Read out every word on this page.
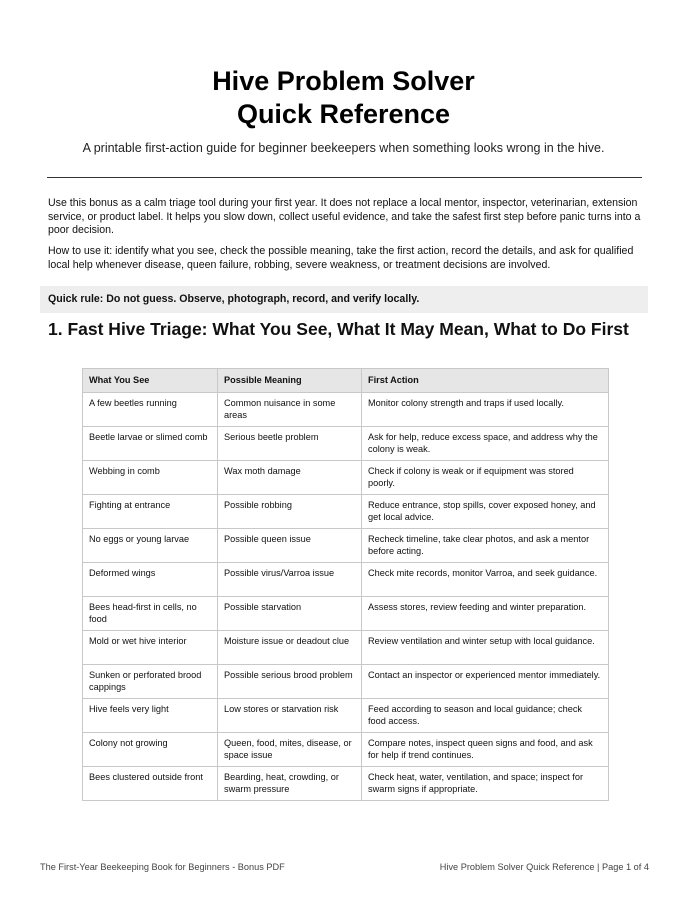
Hive Problem Solver
Quick Reference
A printable first-action guide for beginner beekeepers when something looks wrong in the hive.
Use this bonus as a calm triage tool during your first year. It does not replace a local mentor, inspector, veterinarian, extension service, or product label. It helps you slow down, collect useful evidence, and take the safest first step before panic turns into a poor decision.
How to use it: identify what you see, check the possible meaning, take the first action, record the details, and ask for qualified local help whenever disease, queen failure, robbing, severe weakness, or treatment decisions are involved.
Quick rule: Do not guess. Observe, photograph, record, and verify locally.
1. Fast Hive Triage: What You See, What It May Mean, What to Do First
What You See	Possible Meaning	First Action
A few beetles running	Common nuisance in some areas	Monitor colony strength and traps if used locally.
Beetle larvae or slimed comb	Serious beetle problem	Ask for help, reduce excess space, and address why the colony is weak.
Webbing in comb	Wax moth damage	Check if colony is weak or if equipment was stored poorly.
Fighting at entrance	Possible robbing	Reduce entrance, stop spills, cover exposed honey, and get local advice.
No eggs or young larvae	Possible queen issue	Recheck timeline, take clear photos, and ask a mentor before acting.
Deformed wings	Possible virus/Varroa issue	Check mite records, monitor Varroa, and seek guidance.
Bees head-first in cells, no food	Possible starvation	Assess stores, review feeding and winter preparation.
Mold or wet hive interior	Moisture issue or deadout clue	Review ventilation and winter setup with local guidance.
Sunken or perforated brood cappings	Possible serious brood problem	Contact an inspector or experienced mentor immediately.
Hive feels very light	Low stores or starvation risk	Feed according to season and local guidance; check food access.
Colony not growing	Queen, food, mites, disease, or space issue	Compare notes, inspect queen signs and food, and ask for help if trend continues.
Bees clustered outside front	Bearding, heat, crowding, or swarm pressure	Check heat, water, ventilation, and space; inspect for swarm signs if appropriate.
The First-Year Beekeeping Book for Beginners - Bonus PDF	Hive Problem Solver Quick Reference | Page 1 of 4
